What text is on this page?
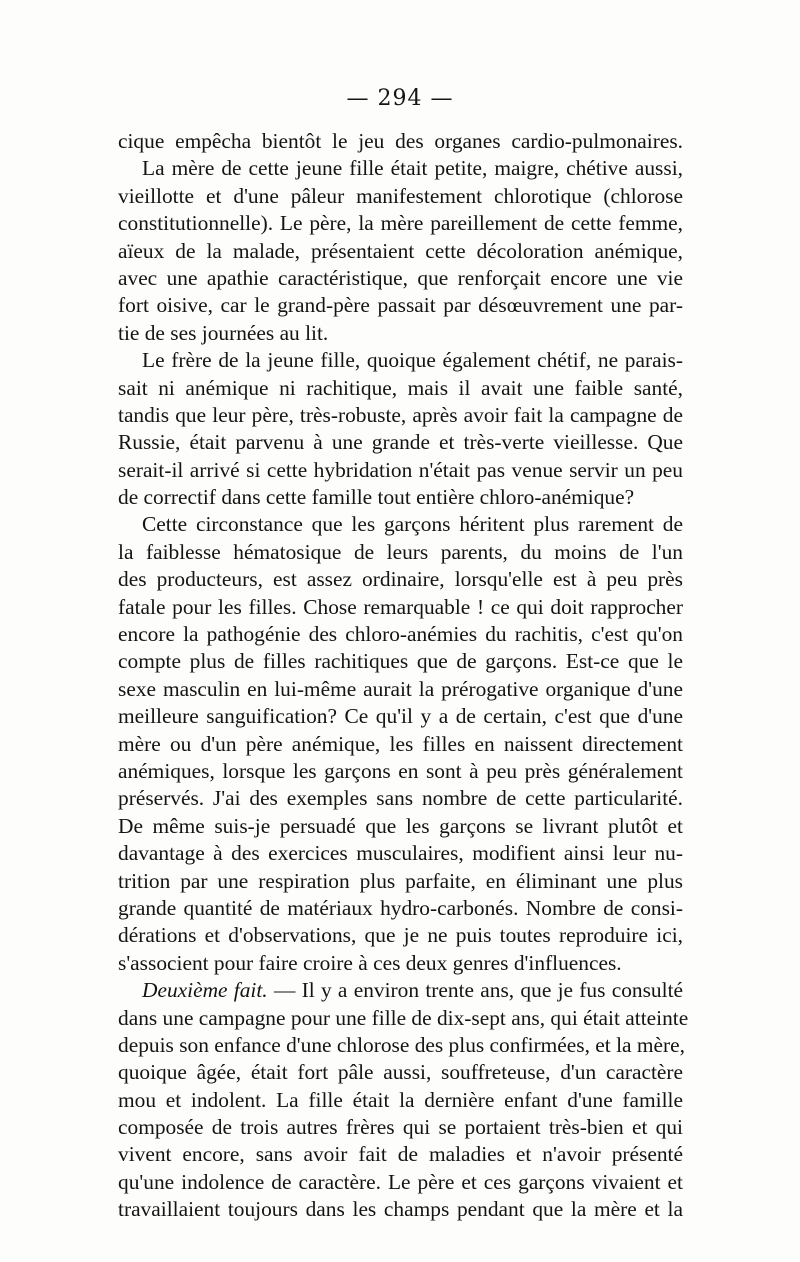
— 294 —
cique empêcha bientôt le jeu des organes cardio-pulmonaires.
La mère de cette jeune fille était petite, maigre, chétive aussi,
vieillotte et d'une pâleur manifestement chlorotique (chlorose
constitutionnelle). Le père, la mère pareillement de cette femme,
aïeux de la malade, présentaient cette décoloration anémique,
avec une apathie caractéristique, que renforçait encore une vie
fort oisive, car le grand-père passait par désœuvrement une par-
tie de ses journées au lit.
Le frère de la jeune fille, quoique également chétif, ne parais-
sait ni anémique ni rachitique, mais il avait une faible santé,
tandis que leur père, très-robuste, après avoir fait la campagne de
Russie, était parvenu à une grande et très-verte vieillesse. Que
serait-il arrivé si cette hybridation n'était pas venue servir un peu
de correctif dans cette famille tout entière chloro-anémique?
Cette circonstance que les garçons héritent plus rarement de
la faiblesse hématosique de leurs parents, du moins de l'un
des producteurs, est assez ordinaire, lorsqu'elle est à peu près
fatale pour les filles. Chose remarquable ! ce qui doit rapprocher
encore la pathogénie des chloro-anémies du rachitis, c'est qu'on
compte plus de filles rachitiques que de garçons. Est-ce que le
sexe masculin en lui-même aurait la prérogative organique d'une
meilleure sanguification? Ce qu'il y a de certain, c'est que d'une
mère ou d'un père anémique, les filles en naissent directement
anémiques, lorsque les garçons en sont à peu près généralement
préservés. J'ai des exemples sans nombre de cette particularité.
De même suis-je persuadé que les garçons se livrant plutôt et
davantage à des exercices musculaires, modifient ainsi leur nu-
trition par une respiration plus parfaite, en éliminant une plus
grande quantité de matériaux hydro-carbonés. Nombre de consi-
dérations et d'observations, que je ne puis toutes reproduire ici,
s'associent pour faire croire à ces deux genres d'influences.
Deuxième fait. — Il y a environ trente ans, que je fus consulté
dans une campagne pour une fille de dix-sept ans, qui était atteinte
depuis son enfance d'une chlorose des plus confirmées, et la mère,
quoique âgée, était fort pâle aussi, souffreteuse, d'un caractère
mou et indolent. La fille était la dernière enfant d'une famille
composée de trois autres frères qui se portaient très-bien et qui
vivent encore, sans avoir fait de maladies et n'avoir présenté
qu'une indolence de caractère. Le père et ces garçons vivaient et
travaillaient toujours dans les champs pendant que la mère et la
